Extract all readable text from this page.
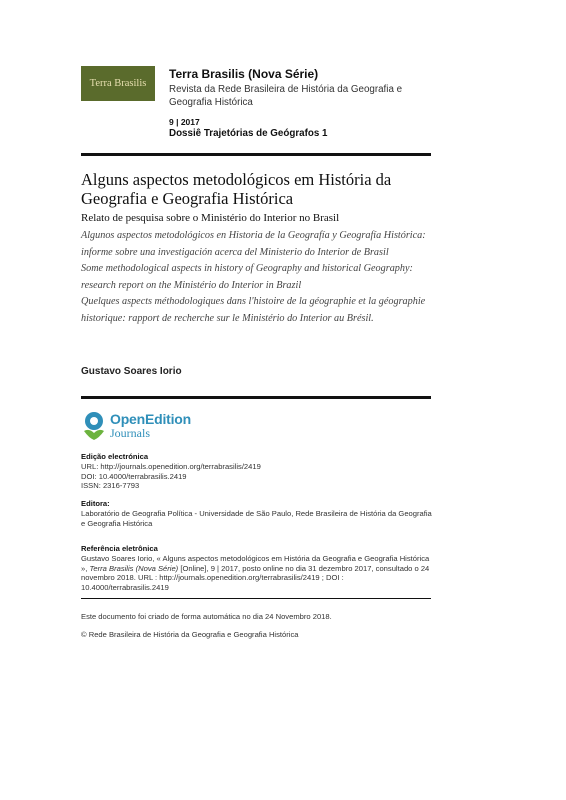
Terra Brasilis
Terra Brasilis (Nova Série)
Revista da Rede Brasileira de História da Geografia e Geografia Histórica
9 | 2017
Dossiê Trajetórias de Geógrafos 1
Alguns aspectos metodológicos em História da Geografia e Geografia Histórica
Relato de pesquisa sobre o Ministério do Interior no Brasil
Algunos aspectos metodológicos en Historia de la Geografía y Geografía Histórica: informe sobre una investigación acerca del Ministerio do Interior de Brasil
Some methodological aspects in history of Geography and historical Geography: research report on the Ministério do Interior in Brazil
Quelques aspects méthodologiques dans l'histoire de la géographie et la géographie historique: rapport de recherche sur le Ministério do Interior au Brésil.
Gustavo Soares Iorio
OpenEdition
Journals
Edição electrónica
URL: http://journals.openedition.org/terrabrasilis/2419
DOI: 10.4000/terrabrasilis.2419
ISSN: 2316-7793
Editora:
Laboratório de Geografia Política - Universidade de São Paulo, Rede Brasileira de História da Geografia e Geografia Histórica
Referência eletrônica
Gustavo Soares Iorio, « Alguns aspectos metodológicos em História da Geografia e Geografia Histórica », Terra Brasilis (Nova Série) [Online], 9 | 2017, posto online no dia 31 dezembro 2017, consultado o 24 novembro 2018. URL : http://journals.openedition.org/terrabrasilis/2419 ; DOI : 10.4000/terrabrasilis.2419
Este documento foi criado de forma automática no dia 24 Novembro 2018.
© Rede Brasileira de História da Geografia e Geografia Histórica
